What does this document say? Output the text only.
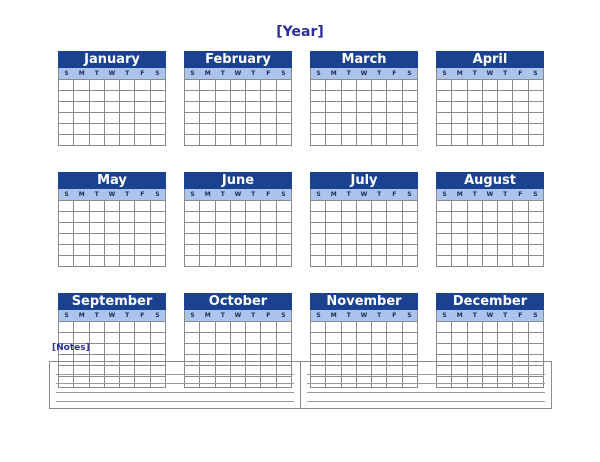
[Year]
January
S	M	T	W	T	F	S
February
S	M	T	W	T	F	S
March
S	M	T	W	T	F	S
April
S	M	T	W	T	F	S
May
S	M	T	W	T	F	S
June
S	M	T	W	T	F	S
July
S	M	T	W	T	F	S
August
S	M	T	W	T	F	S
September
S	M	T	W	T	F	S
October
S	M	T	W	T	F	S
November
S	M	T	W	T	F	S
December
S	M	T	W	T	F	S
[Notes]
